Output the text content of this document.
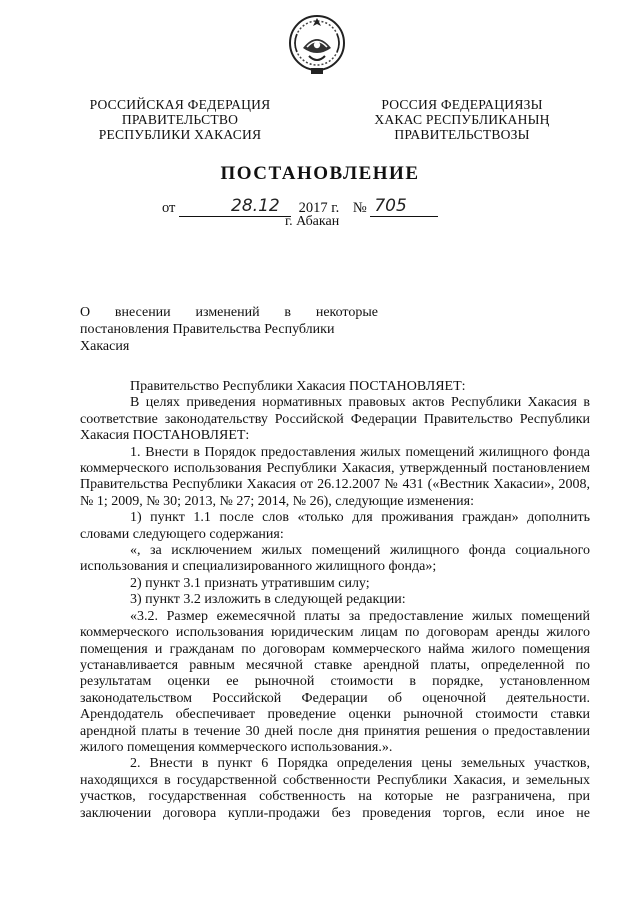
РОССИЙСКАЯ ФЕДЕРАЦИЯ
ПРАВИТЕЛЬСТВО
РЕСПУБЛИКИ ХАКАСИЯ
РОССИЯ ФЕДЕРАЦИЯЗЫ
ХАКАС РЕСПУБЛИКАНЫҢ
ПРАВИТЕЛЬСТВОЗЫ
ПОСТАНОВЛЕНИЕ
от	28.12 2017 г. № 705
г. Абакан
О внесении изменений в некоторые
постановления Правительства Республики
Хакасия

Правительство Республики Хакасия ПОСТАНОВЛЯЕТ:

В целях приведения нормативных правовых актов Республики Хакасия в соответствие законодательству Российской Федерации Правительство Республики Хакасия ПОСТАНОВЛЯЕТ:

1. Внести в Порядок предоставления жилых помещений жилищного фонда коммерческого использования Республики Хакасия, утвержденный постановлением Правительства Республики Хакасия от 26.12.2007 № 431 («Вестник Хакасии», 2008, № 1; 2009, № 30; 2013, № 27; 2014, № 26), следующие изменения:

1) пункт 1.1 после слов «только для проживания граждан» дополнить словами следующего содержания:

«, за исключением жилых помещений жилищного фонда социального использования и специализированного жилищного фонда»;

2) пункт 3.1 признать утратившим силу;

3) пункт 3.2 изложить в следующей редакции:

«3.2. Размер ежемесячной платы за предоставление жилых помещений коммерческого использования юридическим лицам по договорам аренды жилого помещения и гражданам по договорам коммерческого найма жилого помещения устанавливается равным месячной ставке арендной платы, определенной по результатам оценки ее рыночной стоимости в порядке, установленном законодательством Российской Федерации об оценочной деятельности. Арендодатель обеспечивает проведение оценки рыночной стоимости ставки арендной платы в течение 30 дней после дня принятия решения о предоставлении жилого помещения коммерческого использования.».

2. Внести в пункт 6 Порядка определения цены земельных участков, находящихся в государственной собственности Республики Хакасия, и земельных участков, государственная собственность на которые не разграничена, при заключении договора купли-продажи без проведения торгов, если иное не
